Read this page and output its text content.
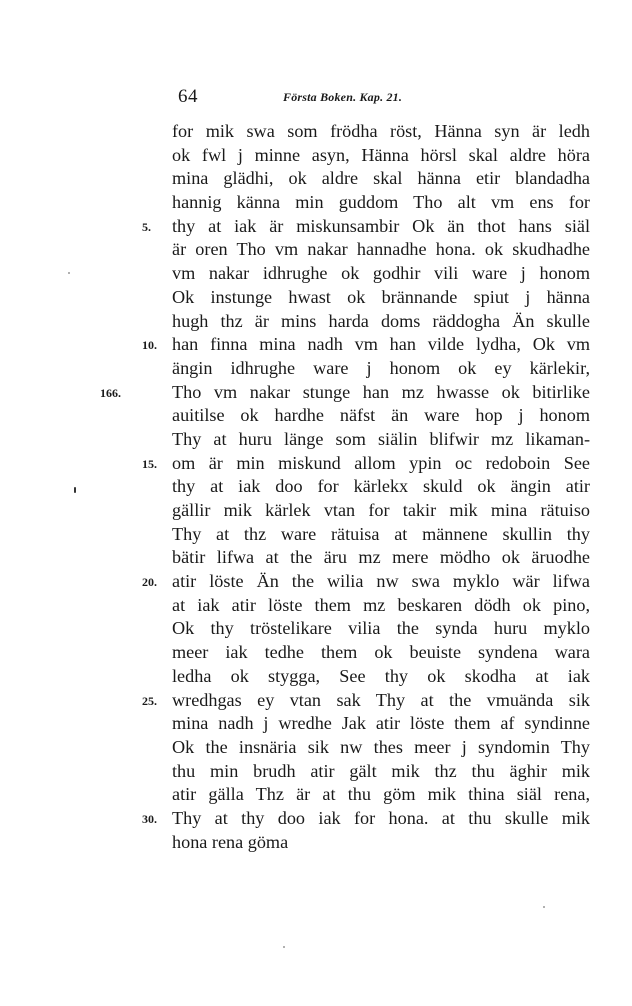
64	Första Boken. Kap. 21.
for mik swa som frödha röst, Hänna syn är ledh
ok fwl j minne asyn, Hänna hörsl skal aldre höra
mina glädhi, ok aldre skal hänna etir blandadha
hannig känna min guddom Tho alt vm ens for
5.	thy at iak är miskunsambir Ok än thot hans siäl
är oren Tho vm nakar hannadhe hona. ok skudhadhe
vm nakar idhrughe ok godhir vili ware j honom
Ok instunge hwast ok brännande spiut j hänna
hugh thz är mins harda doms räddogha Än skulle
10. han finna mina nadh vm han vilde lydha, Ok vm
ängin idhrughe ware j honom ok ey kärlekir,
166.	Tho vm nakar stunge han mz hwasse ok bitirlike
auitilse ok hardhe näfst än ware hop j honom
Thy at huru länge som siälin blifwir mz likaman-
15. om är min miskund allom ypin oc redoboin See
thy at iak doo for kärlekx skuld ok ängin atir
gällir mik kärlek vtan for takir mik mina rätuiso
Thy at thz ware rätuisa at männene skullin thy
bätir lifwa at the äru mz mere mödho ok äruodhe
20. atir löste Än the wilia nw swa myklo wär lifwa
at iak atir löste them mz beskaren dödh ok pino,
Ok thy tröstelikare vilia the synda huru myklo
meer iak tedhe them ok beuiste syndena wara
ledha ok stygga, See thy ok skodha at iak
25. wredhgas ey vtan sak Thy at the vmuända sik
mina nadh j wredhe Jak atir löste them af syndinne
Ok the insnäria sik nw thes meer j syndomin Thy
thu min brudh atir gält mik thz thu äghir mik
atir gälla Thz är at thu göm mik thina siäl rena,
30. Thy at thy doo iak for hona. at thu skulle mik
hona rena göma
